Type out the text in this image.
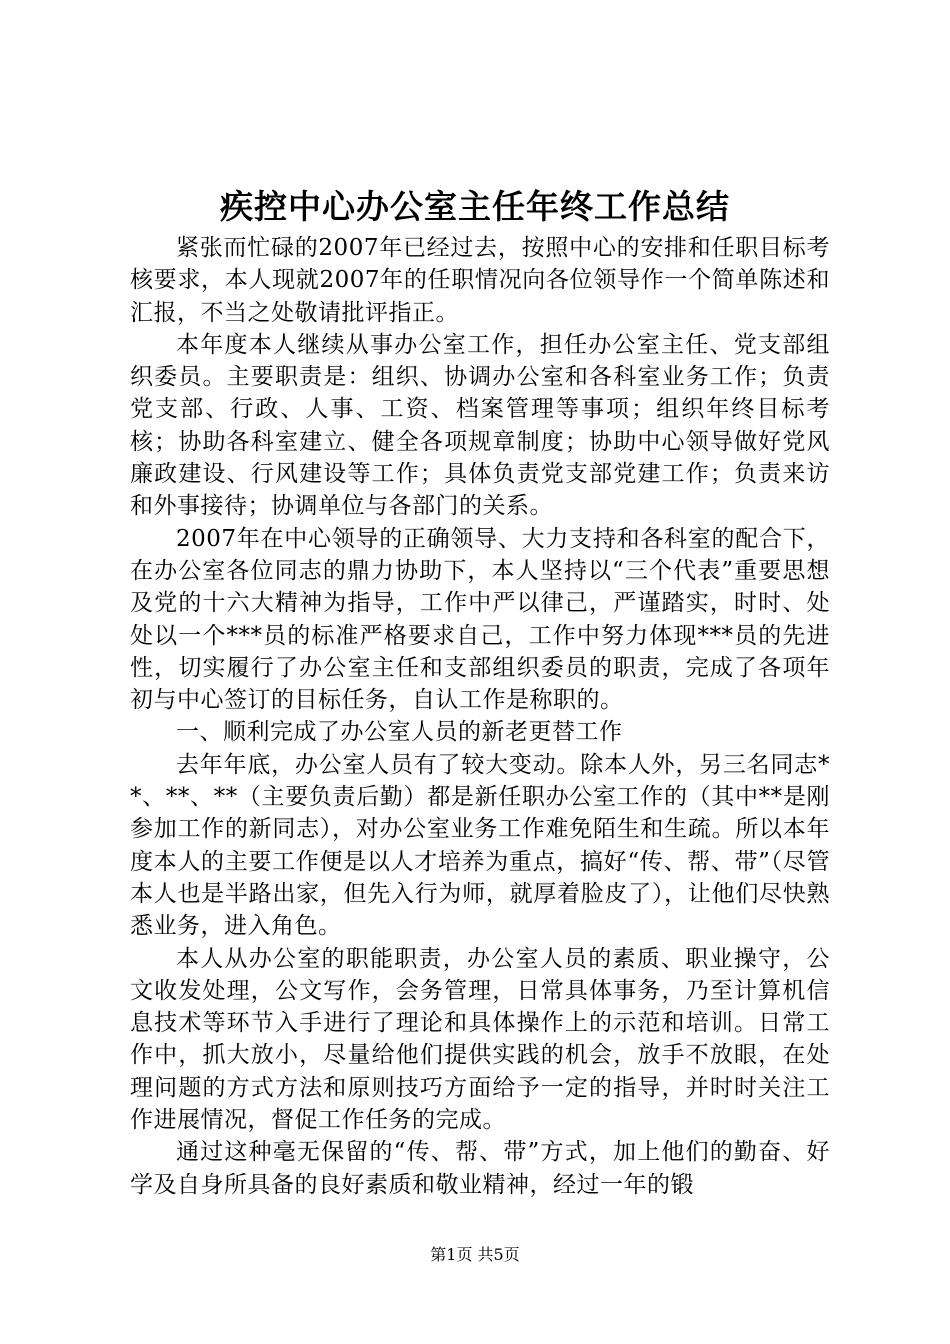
疾控中心办公室主任年终工作总结

紧张而忙碌的2007年已经过去，按照中心的安排和任职目标考核要求，本人现就2007年的任职情况向各位领导作一个简单陈述和汇报，不当之处敬请批评指正。

本年度本人继续从事办公室工作，担任办公室主任、党支部组织委员。主要职责是：组织、协调办公室和各科室业务工作；负责党支部、行政、人事、工资、档案管理等事项；组织年终目标考核；协助各科室建立、健全各项规章制度；协助中心领导做好党风廉政建设、行风建设等工作；具体负责党支部党建工作；负责来访和外事接待；协调单位与各部门的关系。

2007年在中心领导的正确领导、大力支持和各科室的配合下，在办公室各位同志的鼎力协助下，本人坚持以“三个代表”重要思想及党的十六大精神为指导，工作中严以律己，严谨踏实，时时、处处以一个***员的标准严格要求自己，工作中努力体现***员的先进性，切实履行了办公室主任和支部组织委员的职责，完成了各项年初与中心签订的目标任务，自认工作是称职的。

一、顺利完成了办公室人员的新老更替工作

去年年底，办公室人员有了较大变动。除本人外，另三名同志**、**、**（主要负责后勤）都是新任职办公室工作的（其中**是刚参加工作的新同志），对办公室业务工作难免陌生和生疏。所以本年度本人的主要工作便是以人才培养为重点，搞好“传、帮、带”（尽管本人也是半路出家，但先入行为师，就厚着脸皮了），让他们尽快熟悉业务，进入角色。

本人从办公室的职能职责，办公室人员的素质、职业操守，公文收发处理，公文写作，会务管理，日常具体事务，乃至计算机信息技术等环节入手进行了理论和具体操作上的示范和培训。日常工作中，抓大放小，尽量给他们提供实践的机会，放手不放眼，在处理问题的方式方法和原则技巧方面给予一定的指导，并时时关注工作进展情况，督促工作任务的完成。

通过这种毫无保留的“传、帮、带”方式，加上他们的勤奋、好学及自身所具备的良好素质和敬业精神，经过一年的锻

第1页 共5页
